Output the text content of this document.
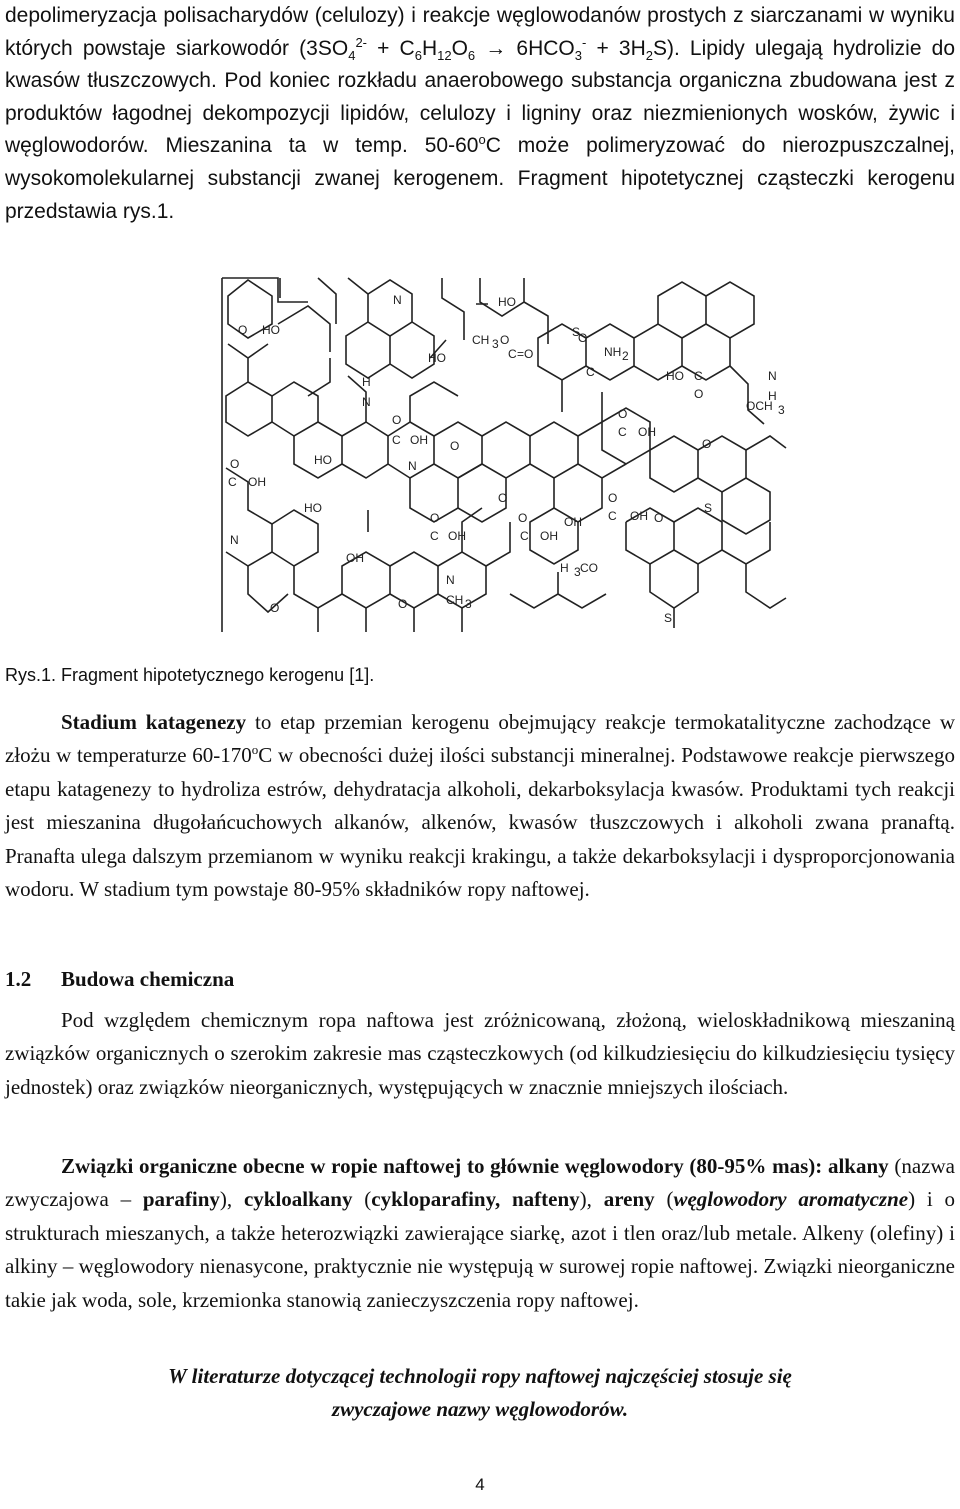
depolimeryzacja polisacharydów (celulozy) i reakcje węglowodanów prostych z siarczanami w wyniku których powstaje siarkowodór $(3SO_4^{2-} + C_6H_{12}O_6 \to 6HCO_3^- + 3H_2S)$. Lipidy ulegają hydrolizie do kwasów tłuszczowych. Pod koniec rozkładu anaerobowego substancja organiczna zbudowana jest z produktów łagodnej dekompozycji lipidów, celulozy i ligniny oraz niezmienionych wosków, żywic i węglowodorów. Mieszanina ta w temp. 50-60$^o$C może polimeryzować do nierozpuszczalnej, wysokomolekularnej substancji zwanej kerogenem. Fragment hipotetycznej cząsteczki kerogenu przedstawia rys.1.

O HO
N	HO
CH 3 O
HO	C =O
S
NH 2
O
C	HO C
O
N
H
OCH 3
H
N
O
C OH
O
C OH
HO	N
O
O
C OH
O
O
O
C OH
N
HO
O
C OH
O
C OH
OH
O
S
OH
H 3 CO
N
CH 3
O	O
S
Rys.1. Fragment hipotetycznego kerogenu [1].

Stadium katagenezy to etap przemian kerogenu obejmujący reakcje termokatalityczne zachodzące w złożu w temperaturze 60-170$^o$C w obecności dużej ilości substancji mineralnej. Podstawowe reakcje pierwszego etapu katagenezy to hydroliza estrów, dehydratacja alkoholi, dekarboksylacja kwasów. Produktami tych reakcji jest mieszanina długołańcuchowych alkanów, alkenów, kwasów tłuszczowych i alkoholi zwana pranaftą. Pranafta ulega dalszym przemianom w wyniku reakcji krakingu, a także dekarboksylacji i dysproporcjonowania wodoru. W stadium tym powstaje 80-95% składników ropy naftowej.

1.2 Budowa chemiczna

Pod względem chemicznym ropa naftowa jest zróżnicowaną, złożoną, wieloskładnikową mieszaniną związków organicznych o szerokim zakresie mas cząsteczkowych (od kilkudziesięciu do kilkudziesięciu tysięcy jednostek) oraz związków nieorganicznych, występujących w znacznie mniejszych ilościach.

Związki organiczne obecne w ropie naftowej to głównie węglowodory (80-95% mas): alkany (nazwa zwyczajowa – parafiny), cykloalkany (cykloparafiny, nafteny), areny (węglowodory aromatyczne) i o strukturach mieszanych, a także heterozwiązki zawierające siarkę, azot i tlen oraz/lub metale. Alkeny (olefiny) i alkiny – węglowodory nienasycone, praktycznie nie występują w surowej ropie naftowej. Związki nieorganiczne takie jak woda, sole, krzemionka stanowią zanieczyszczenia ropy naftowej.

W literaturze dotyczącej technologii ropy naftowej najczęściej stosuje się
zwyczajowe nazwy węglowodorów.
4
